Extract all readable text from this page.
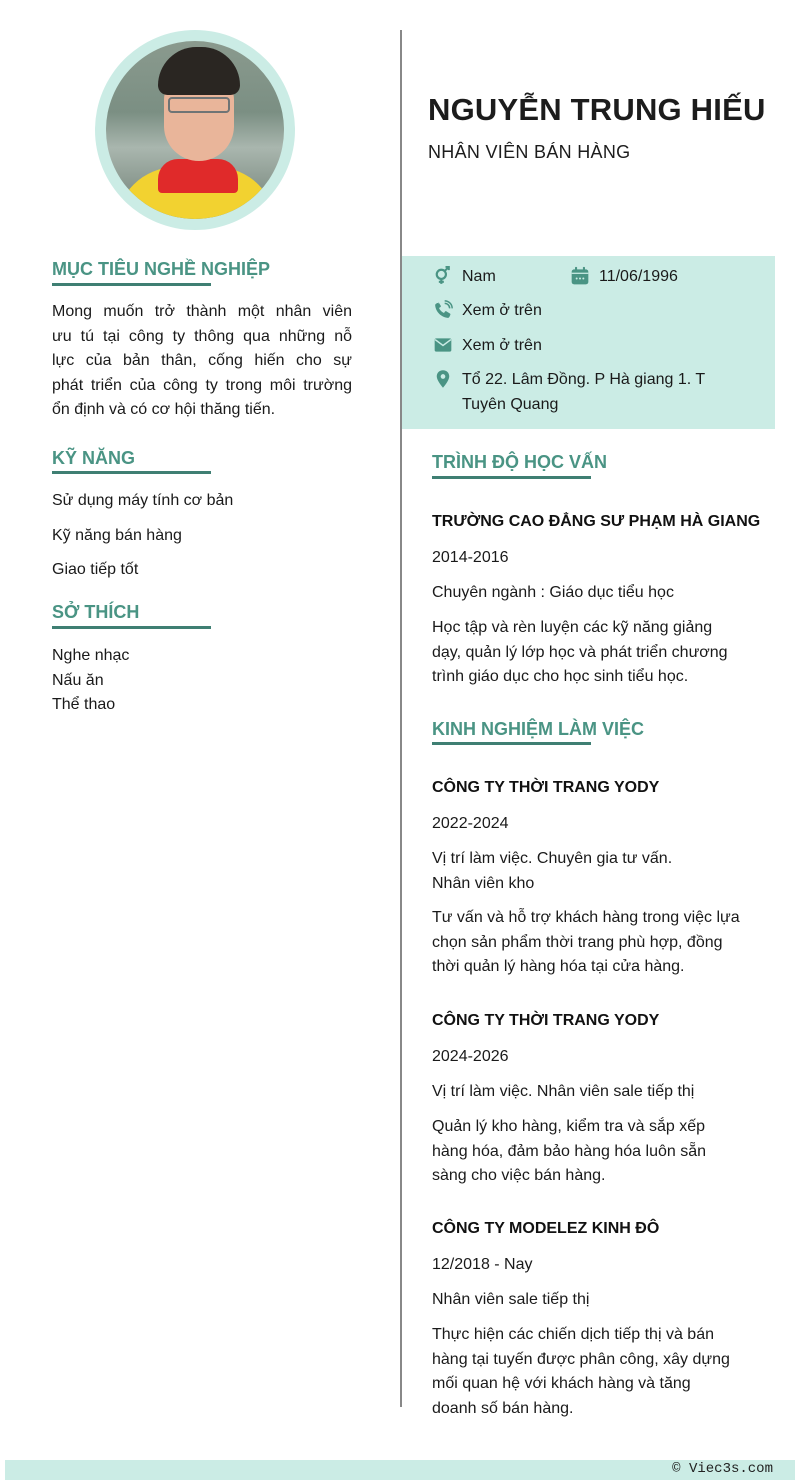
NGUYỄN TRUNG HIẾU
NHÂN VIÊN BÁN HÀNG
MỤC TIÊU NGHỀ NGHIỆP
Mong muốn trở thành một nhân viên
ưu tú tại công ty thông qua những nỗ
lực của bản thân, cống hiến cho sự
phát triển của công ty trong môi trường
ổn định và có cơ hội thăng tiến.
KỸ NĂNG
Sử dụng máy tính cơ bản
Kỹ năng bán hàng
Giao tiếp tốt
SỞ THÍCH
Nghe nhạc
Nấu ăn
Thể thao
Nam	11/06/1996
Xem ở trên
Xem ở trên
Tổ 22. Lâm Đồng. P Hà giang 1. T
Tuyên Quang
TRÌNH ĐỘ HỌC VẤN
TRƯỜNG CAO ĐẲNG SƯ PHẠM HÀ GIANG
2014-2016
Chuyên ngành : Giáo dục tiểu học
Học tập và rèn luyện các kỹ năng giảng
dạy, quản lý lớp học và phát triển chương
trình giáo dục cho học sinh tiểu học.
KINH NGHIỆM LÀM VIỆC
CÔNG TY THỜI TRANG YODY
2022-2024
Vị trí làm việc. Chuyên gia tư vấn.
Nhân viên kho
Tư vấn và hỗ trợ khách hàng trong việc lựa
chọn sản phẩm thời trang phù hợp, đồng
thời quản lý hàng hóa tại cửa hàng.
CÔNG TY THỜI TRANG YODY
2024-2026
Vị trí làm việc. Nhân viên sale tiếp thị
Quản lý kho hàng, kiểm tra và sắp xếp
hàng hóa, đảm bảo hàng hóa luôn sẵn
sàng cho việc bán hàng.
CÔNG TY MODELEZ KINH ĐÔ
12/2018 - Nay
Nhân viên sale tiếp thị
Thực hiện các chiến dịch tiếp thị và bán
hàng tại tuyến được phân công, xây dựng
mối quan hệ với khách hàng và tăng
doanh số bán hàng.
© Viec3s.com
